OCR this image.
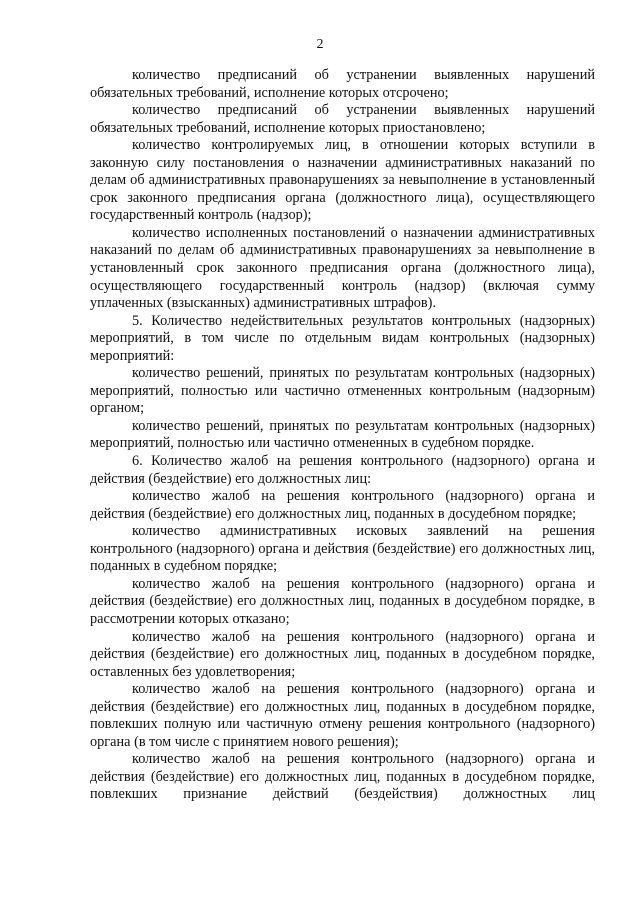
2

количество предписаний об устранении выявленных нарушений обязательных требований, исполнение которых отсрочено;

количество предписаний об устранении выявленных нарушений обязательных требований, исполнение которых приостановлено;

количество контролируемых лиц, в отношении которых вступили в законную силу постановления о назначении административных наказаний по делам об административных правонарушениях за невыполнение в установленный срок законного предписания органа (должностного лица), осуществляющего государственный контроль (надзор);

количество исполненных постановлений о назначении административных наказаний по делам об административных правонарушениях за невыполнение в установленный срок законного предписания органа (должностного лица), осуществляющего государственный контроль (надзор) (включая сумму уплаченных (взысканных) административных штрафов).

5. Количество недействительных результатов контрольных (надзорных) мероприятий, в том числе по отдельным видам контрольных (надзорных) мероприятий:

количество решений, принятых по результатам контрольных (надзорных) мероприятий, полностью или частично отмененных контрольным (надзорным) органом;

количество решений, принятых по результатам контрольных (надзорных) мероприятий, полностью или частично отмененных в судебном порядке.

6. Количество жалоб на решения контрольного (надзорного) органа и действия (бездействие) его должностных лиц:

количество жалоб на решения контрольного (надзорного) органа и действия (бездействие) его должностных лиц, поданных в досудебном порядке;

количество административных исковых заявлений на решения контрольного (надзорного) органа и действия (бездействие) его должностных лиц, поданных в судебном порядке;

количество жалоб на решения контрольного (надзорного) органа и действия (бездействие) его должностных лиц, поданных в досудебном порядке, в рассмотрении которых отказано;

количество жалоб на решения контрольного (надзорного) органа и действия (бездействие) его должностных лиц, поданных в досудебном порядке, оставленных без удовлетворения;

количество жалоб на решения контрольного (надзорного) органа и действия (бездействие) его должностных лиц, поданных в досудебном порядке, повлекших полную или частичную отмену решения контрольного (надзорного) органа (в том числе с принятием нового решения);

количество жалоб на решения контрольного (надзорного) органа и действия (бездействие) его должностных лиц, поданных в досудебном порядке, повлекших признание действий (бездействия) должностных лиц
